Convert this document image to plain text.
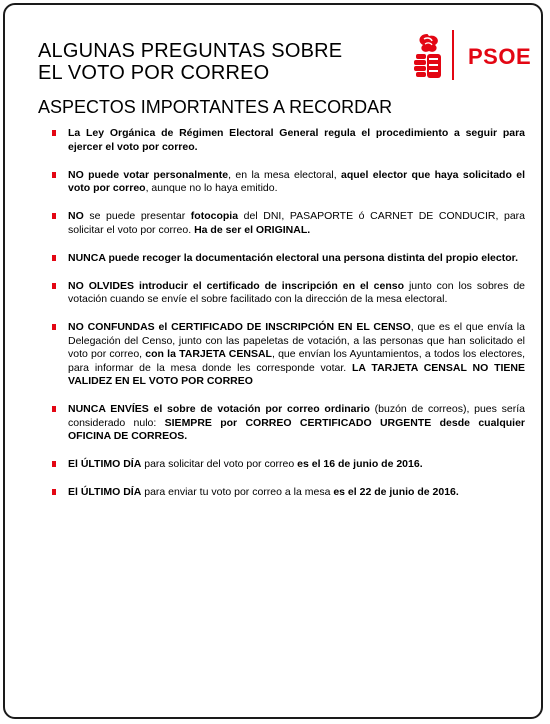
ALGUNAS PREGUNTAS SOBRE
EL VOTO POR CORREO
PSOE
ASPECTOS IMPORTANTES A RECORDAR
La Ley Orgánica de Régimen Electoral General regula el procedimiento a seguir para ejercer el voto por correo.
NO puede votar personalmente, en la mesa electoral, aquel elector que haya solicitado el voto por correo, aunque no lo haya emitido.
NO se puede presentar fotocopia del DNI, PASAPORTE ó CARNET DE CONDUCIR, para solicitar el voto por correo. Ha de ser el ORIGINAL.
NUNCA puede recoger la documentación electoral una persona distinta del propio elector.
NO OLVIDES introducir el certificado de inscripción en el censo junto con los sobres de votación cuando se envíe el sobre facilitado con la dirección de la mesa electoral.
NO CONFUNDAS el CERTIFICADO DE INSCRIPCIÓN EN EL CENSO, que es el que envía la Delegación del Censo, junto con las papeletas de votación, a las personas que han solicitado el voto por correo, con la TARJETA CENSAL, que envían los Ayuntamientos, a todos los electores, para informar de la mesa donde les corresponde votar. LA TARJETA CENSAL NO TIENE VALIDEZ EN EL VOTO POR CORREO
NUNCA ENVÍES el sobre de votación por correo ordinario (buzón de correos), pues sería considerado nulo: SIEMPRE por CORREO CERTIFICADO URGENTE desde cualquier OFICINA DE CORREOS.
El ÚLTIMO DÍA para solicitar del voto por correo es el 16 de junio de 2016.
El ÚLTIMO DÍA para enviar tu voto por correo a la mesa es el 22 de junio de 2016.
